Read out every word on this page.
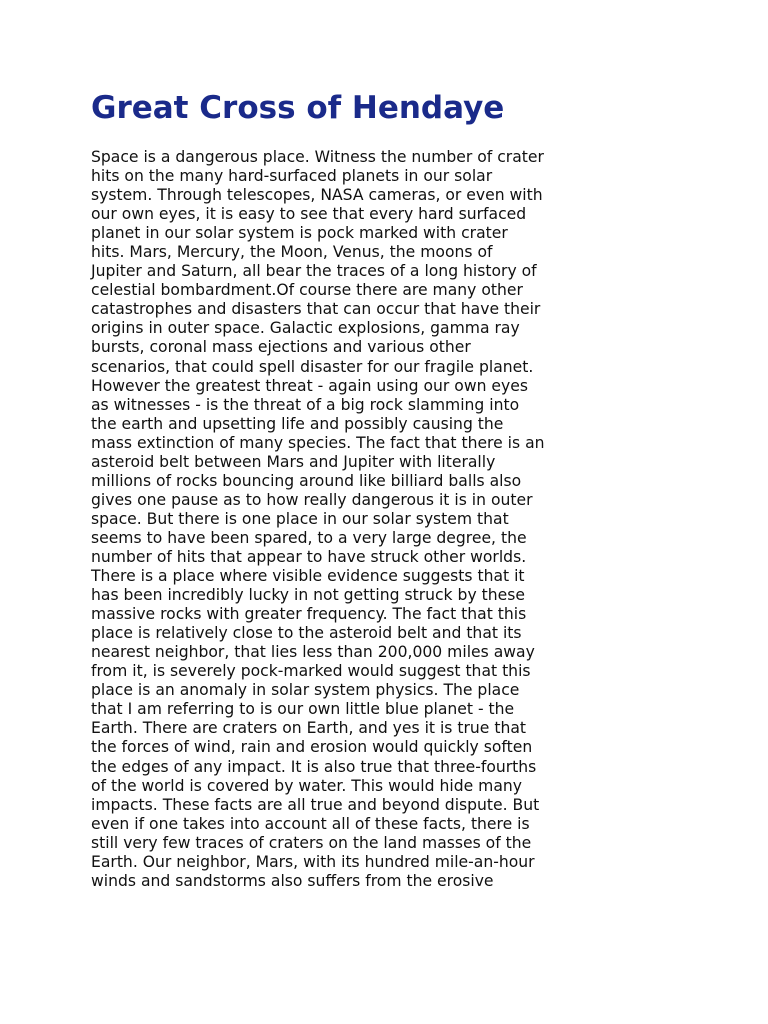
Great Cross of Hendaye

Space is a dangerous place. Witness the number of crater
hits on the many hard-surfaced planets in our solar
system. Through telescopes, NASA cameras, or even with
our own eyes, it is easy to see that every hard surfaced
planet in our solar system is pock marked with crater
hits. Mars, Mercury, the Moon, Venus, the moons of
Jupiter and Saturn, all bear the traces of a long history of
celestial bombardment.Of course there are many other
catastrophes and disasters that can occur that have their
origins in outer space. Galactic explosions, gamma ray
bursts, coronal mass ejections and various other
scenarios, that could spell disaster for our fragile planet.
However the greatest threat - again using our own eyes
as witnesses - is the threat of a big rock slamming into
the earth and upsetting life and possibly causing the
mass extinction of many species. The fact that there is an
asteroid belt between Mars and Jupiter with literally
millions of rocks bouncing around like billiard balls also
gives one pause as to how really dangerous it is in outer
space. But there is one place in our solar system that
seems to have been spared, to a very large degree, the
number of hits that appear to have struck other worlds.
There is a place where visible evidence suggests that it
has been incredibly lucky in not getting struck by these
massive rocks with greater frequency. The fact that this
place is relatively close to the asteroid belt and that its
nearest neighbor, that lies less than 200,000 miles away
from it, is severely pock-marked would suggest that this
place is an anomaly in solar system physics. The place
that I am referring to is our own little blue planet - the
Earth. There are craters on Earth, and yes it is true that
the forces of wind, rain and erosion would quickly soften
the edges of any impact. It is also true that three-fourths
of the world is covered by water. This would hide many
impacts. These facts are all true and beyond dispute. But
even if one takes into account all of these facts, there is
still very few traces of craters on the land masses of the
Earth. Our neighbor, Mars, with its hundred mile-an-hour
winds and sandstorms also suffers from the erosive
